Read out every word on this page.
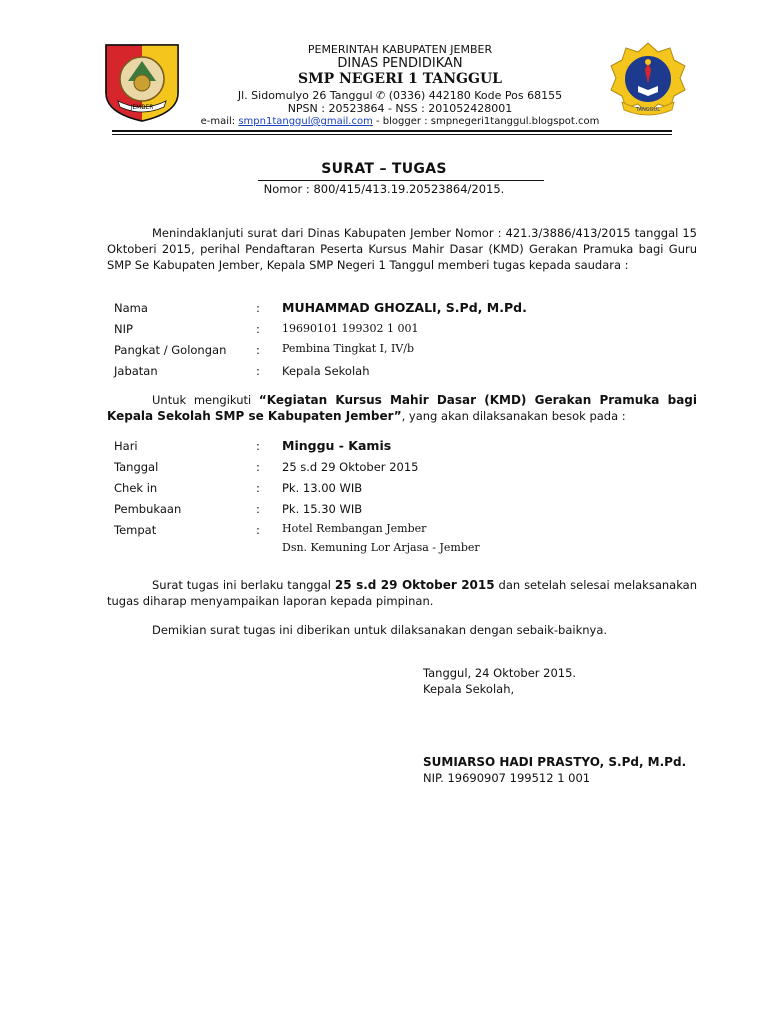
JEMBER	TANGGUL
PEMERINTAH KABUPATEN JEMBER
DINAS PENDIDIKAN
SMP NEGERI 1 TANGGUL
Jl. Sidomulyo 26 Tanggul ✆ (0336) 442180 Kode Pos 68155
NPSN : 20523864 - NSS : 201052428001
e-mail: smpn1tanggul@gmail.com - blogger : smpnegeri1tanggul.blogspot.com
SURAT – TUGAS
Nomor : 800/415/413.19.20523864/2015.
Menindaklanjuti surat dari Dinas Kabupaten Jember Nomor : 421.3/3886/413/2015 tanggal 15 Oktoberi 2015, perihal Pendaftaran Peserta Kursus Mahir Dasar (KMD) Gerakan Pramuka bagi Guru SMP Se Kabupaten Jember, Kepala SMP Negeri 1 Tanggul memberi tugas kepada saudara :
Nama	: MUHAMMAD GHOZALI, S.Pd, M.Pd.
NIP	: 19690101 199302 1 001
Pangkat / Golongan	: Pembina Tingkat I, IV/b
Jabatan	: Kepala Sekolah
Untuk mengikuti “Kegiatan Kursus Mahir Dasar (KMD) Gerakan Pramuka bagi Kepala Sekolah SMP se Kabupaten Jember”, yang akan dilaksanakan besok pada :
Hari	: Minggu - Kamis
Tanggal	: 25 s.d 29 Oktober 2015
Chek in	: Pk. 13.00 WIB
Pembukaan	: Pk. 15.30 WIB
Tempat	: Hotel Rembangan Jember
Dsn. Kemuning Lor Arjasa - Jember
Surat tugas ini berlaku tanggal 25 s.d 29 Oktober 2015 dan setelah selesai melaksanakan tugas diharap menyampaikan laporan kepada pimpinan.
Demikian surat tugas ini diberikan untuk dilaksanakan dengan sebaik-baiknya.
Tanggul, 24 Oktober 2015.
Kepala Sekolah,
SUMIARSO HADI PRASTYO, S.Pd, M.Pd.
NIP. 19690907 199512 1 001
